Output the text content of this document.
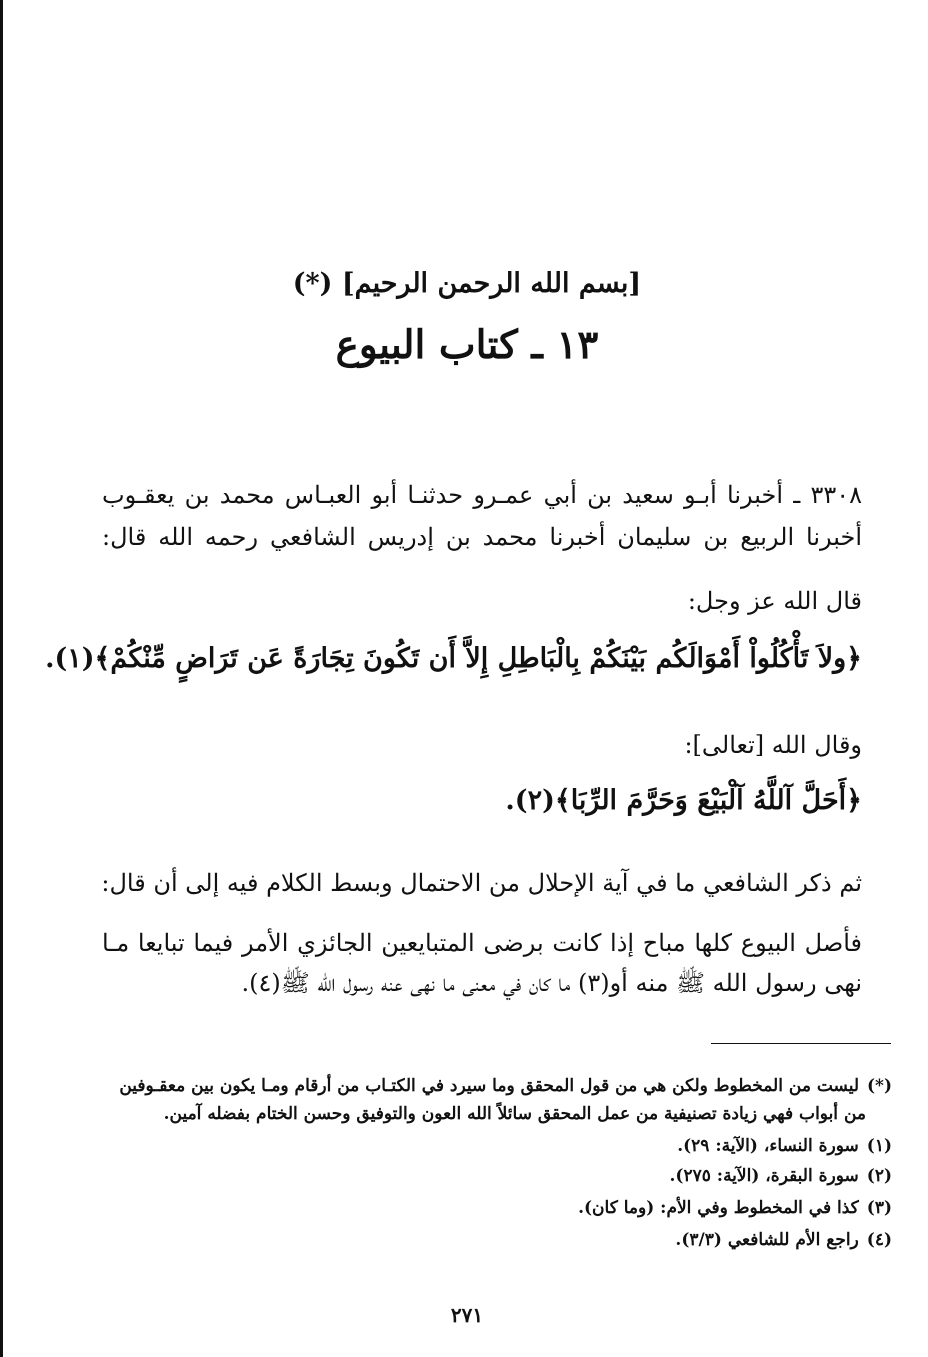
[بسم الله الرحمن الرحيم] (*)
١٣ ـ كتاب البيوع
٣٣٠٨ ـ أخبرنا أبـو سعيد بن أبي عمـرو حدثنـا أبو العبـاس محمد بن يعقـوب
أخبرنا الربيع بن سليمان أخبرنا محمد بن إدريس الشافعي رحمه الله قال:
قال الله عز وجل:
﴿ولاَ تَأْكُلُواْ أَمْوَالَكُم بَيْنَكُمْ بِالْبَاطِلِ إِلاَّ أَن تَكُونَ تِجَارَةً عَن تَرَاضٍ مِّنْكُمْ﴾(١).
وقال الله [تعالى]:
﴿أَحَلَّ آللَّهُ آلْبَيْعَ وَحَرَّمَ الرِّبَا﴾(٢).
ثم ذكر الشافعي ما في آية الإحلال من الاحتمال وبسط الكلام فيه إلى أن قال:
فأصل البيوع كلها مباح إذا كانت برضى المتبايعين الجائزي الأمر فيما تبايعا مـا
نهى رسول الله ﷺ منه أو(٣) ما كان في معنى ما نهى عنه رسول الله ﷺ(٤).
(*)ليست من المخطوط ولكن هي من قول المحقق وما سيرد في الكتـاب من أرقام ومـا يكون بين معقـوفين
من أبواب فهي زيادة تصنيفية من عمل المحقق سائلاً الله العون والتوفيق وحسن الختام بفضله آمين.
(١)سورة النساء، (الآية: ٢٩).
(٢)سورة البقرة، (الآية: ٢٧٥).
(٣)كذا في المخطوط وفي الأم: (وما كان).
(٤)راجع الأم للشافعي (٣/٣).
٢٧١
